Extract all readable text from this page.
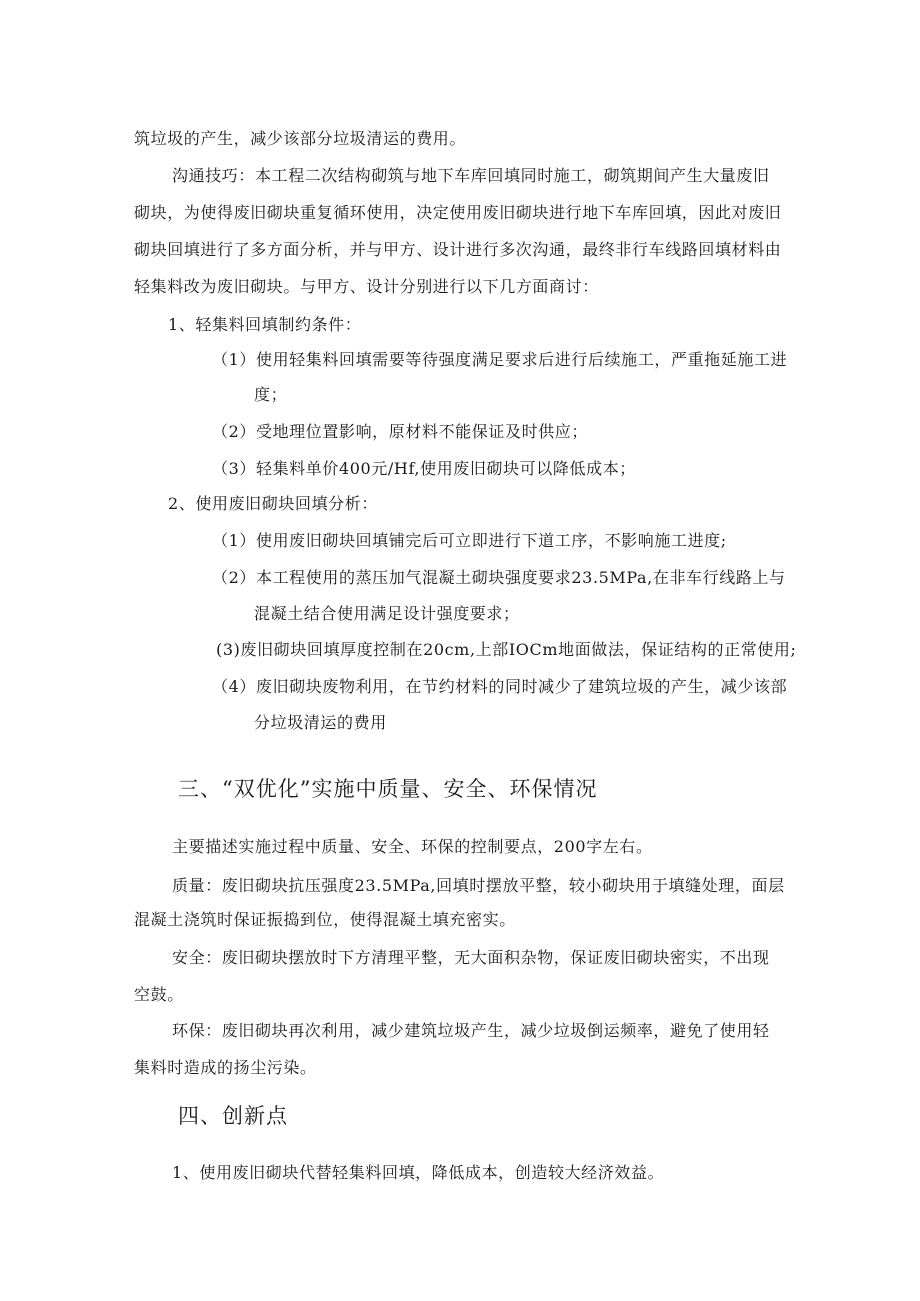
筑垃圾的产生，减少该部分垃圾清运的费用。
沟通技巧：本工程二次结构砌筑与地下车库回填同时施工，砌筑期间产生大量废旧
砌块，为使得废旧砌块重复循环使用，决定使用废旧砌块进行地下车库回填，因此对废旧
砌块回填进行了多方面分析，并与甲方、设计进行多次沟通，最终非行车线路回填材料由
轻集料改为废旧砌块。与甲方、设计分别进行以下几方面商讨：
1、轻集料回填制约条件：
（1）使用轻集料回填需要等待强度满足要求后进行后续施工，严重拖延施工进
度；
（2）受地理位置影响，原材料不能保证及时供应；
（3）轻集料单价400元/Hf,使用废旧砌块可以降低成本；
2、使用废旧砌块回填分析：
（1）使用废旧砌块回填铺完后可立即进行下道工序，不影响施工进度;
（2）本工程使用的蒸压加气混凝土砌块强度要求23.5MPa,在非车行线路上与
混凝土结合使用满足设计强度要求；
(3)废旧砌块回填厚度控制在20cm,上部IOCm地面做法，保证结构的正常使用;
（4）废旧砌块废物利用，在节约材料的同时减少了建筑垃圾的产生，减少该部
分垃圾清运的费用
三、“双优化”实施中质量、安全、环保情况
主要描述实施过程中质量、安全、环保的控制要点，200字左右。
质量：废旧砌块抗压强度23.5MPa,回填时摆放平整，较小砌块用于填缝处理，面层
混凝土浇筑时保证振捣到位，使得混凝土填充密实。
安全：废旧砌块摆放时下方清理平整，无大面积杂物，保证废旧砌块密实，不出现
空鼓。
环保：废旧砌块再次利用，减少建筑垃圾产生，减少垃圾倒运频率，避免了使用轻
集料时造成的扬尘污染。
四、创新点
1、使用废旧砌块代替轻集料回填，降低成本，创造较大经济效益。
